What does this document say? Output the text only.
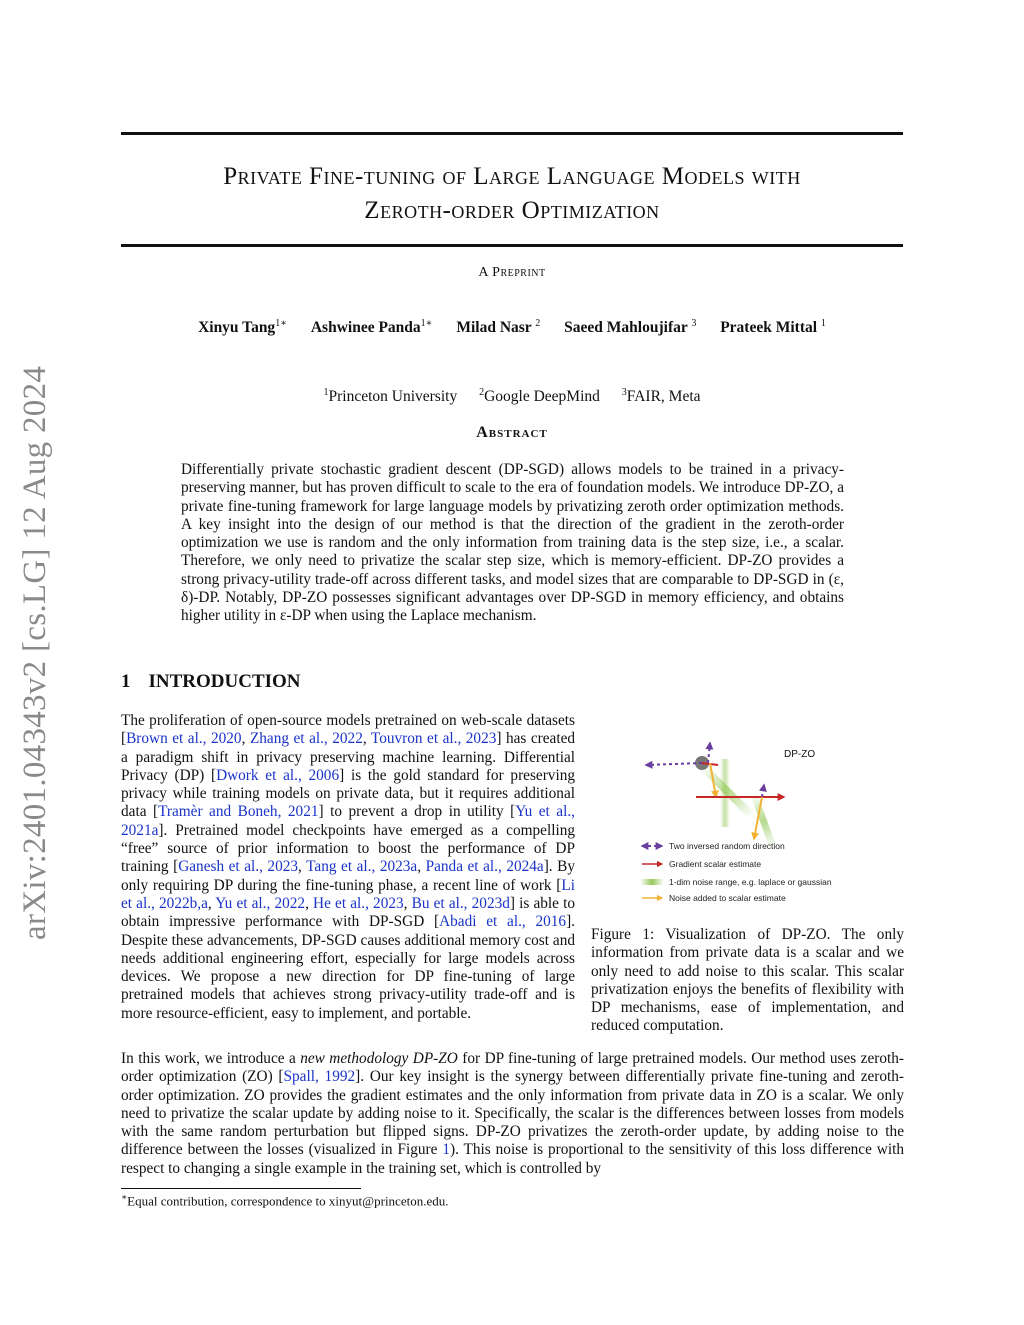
arXiv:2401.04343v2 [cs.LG] 12 Aug 2024
Private Fine-tuning of Large Language Models with
Zeroth-order Optimization
A Preprint
Xinyu Tang$^{1∗}$ Ashwinee Panda$^{1∗}$ Milad Nasr $^2$ Saeed Mahloujifar $^3$ Prateek Mittal $^1$
$^1$Princeton University $^2$Google DeepMind $^3$FAIR, Meta
Abstract
Differentially private stochastic gradient descent (DP-SGD) allows models to be trained in a privacy-preserving manner, but has proven difficult to scale to the era of foundation models. We introduce DP-ZO, a private fine-tuning framework for large language models by privatizing zeroth order optimization methods. A key insight into the design of our method is that the direction of the gradient in the zeroth-order optimization we use is random and the only information from training data is the step size, i.e., a scalar. Therefore, we only need to privatize the scalar step size, which is memory-efficient. DP-ZO provides a strong privacy-utility trade-off across different tasks, and model sizes that are comparable to DP-SGD in (ε, δ)-DP. Notably, DP-ZO possesses significant advantages over DP-SGD in memory efficiency, and obtains higher utility in ε-DP when using the Laplace mechanism.
1 INTRODUCTION
The proliferation of open-source models pretrained on web-scale datasets [Brown et al., 2020, Zhang et al., 2022, Touvron et al., 2023] has created a paradigm shift in privacy preserving machine learning. Differential Privacy (DP) [Dwork et al., 2006] is the gold standard for preserving privacy while training models on private data, but it requires additional data [Tramèr and Boneh, 2021] to prevent a drop in utility [Yu et al., 2021a]. Pretrained model checkpoints have emerged as a compelling “free” source of prior information to boost the performance of DP training [Ganesh et al., 2023, Tang et al., 2023a, Panda et al., 2024a]. By only requiring DP during the fine-tuning phase, a recent line of work [Li et al., 2022b,a, Yu et al., 2022, He et al., 2023, Bu et al., 2023d] is able to obtain impressive performance with DP-SGD [Abadi et al., 2016]. Despite these advancements, DP-SGD causes additional memory cost and needs additional engineering effort, especially for large models across devices. We propose a new direction for DP fine-tuning of large pretrained models that achieves strong privacy-utility trade-off and is more resource-efficient, easy to implement, and portable.
DP-ZO
Two inversed random direction
Gradient scalar estimate
1-dim noise range, e.g. laplace or gaussian
Noise added to scalar estimate
Figure 1: Visualization of DP-ZO. The only information from private data is a scalar and we only need to add noise to this scalar. This scalar privatization enjoys the benefits of flexibility with DP mechanisms, ease of implementation, and reduced computation.
In this work, we introduce a new methodology DP-ZO for DP fine-tuning of large pretrained models. Our method uses zeroth-order optimization (ZO) [Spall, 1992]. Our key insight is the synergy between differentially private fine-tuning and zeroth-order optimization. ZO provides the gradient estimates and the only information from private data in ZO is a scalar. We only need to privatize the scalar update by adding noise to it. Specifically, the scalar is the differences between losses from models with the same random perturbation but flipped signs. DP-ZO privatizes the zeroth-order update, by adding noise to the difference between the losses (visualized in Figure 1). This noise is proportional to the sensitivity of this loss difference with respect to changing a single example in the training set, which is controlled by
∗Equal contribution, correspondence to xinyut@princeton.edu.
